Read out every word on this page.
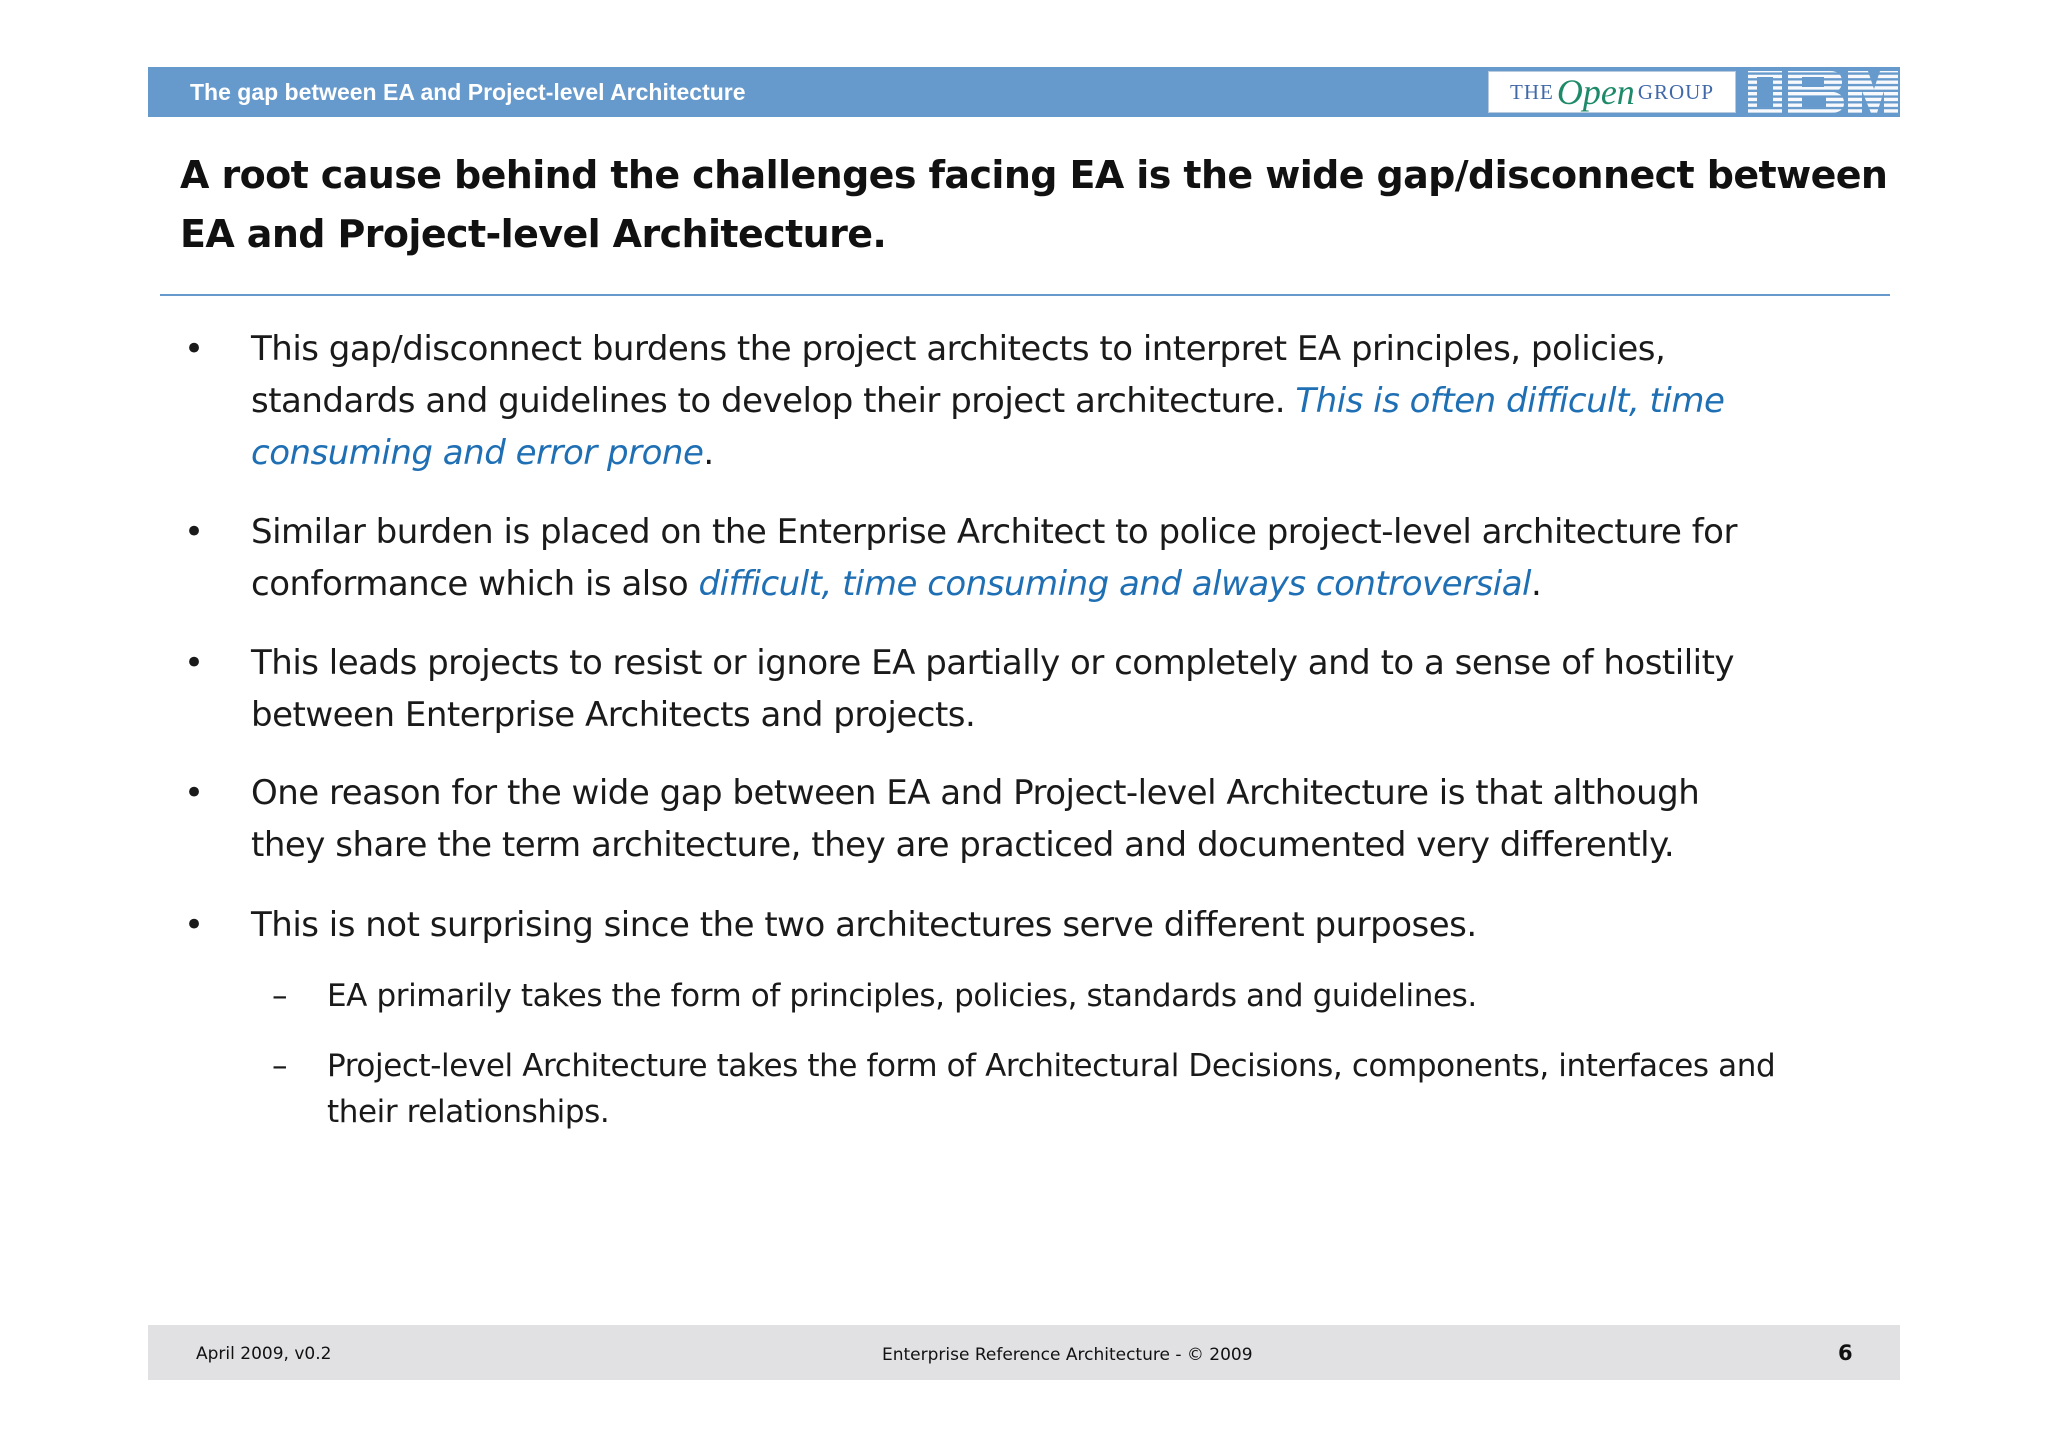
The gap between EA and Project-level Architecture	THE Open GROUP
A root cause behind the challenges facing EA is the wide gap/disconnect between
EA and Project-level Architecture.
• This gap/disconnect burdens the project architects to interpret EA principles, policies,
standards and guidelines to develop their project architecture. This is often difficult, time
consuming and error prone.
• Similar burden is placed on the Enterprise Architect to police project-level architecture for
conformance which is also difficult, time consuming and always controversial.
• This leads projects to resist or ignore EA partially or completely and to a sense of hostility
between Enterprise Architects and projects.
• One reason for the wide gap between EA and Project-level Architecture is that although
they share the term architecture, they are practiced and documented very differently.
• This is not surprising since the two architectures serve different purposes.
– EA primarily takes the form of principles, policies, standards and guidelines.
– Project-level Architecture takes the form of Architectural Decisions, components, interfaces and
their relationships.
April 2009, v0.2	Enterprise Reference Architecture - © 2009	6
